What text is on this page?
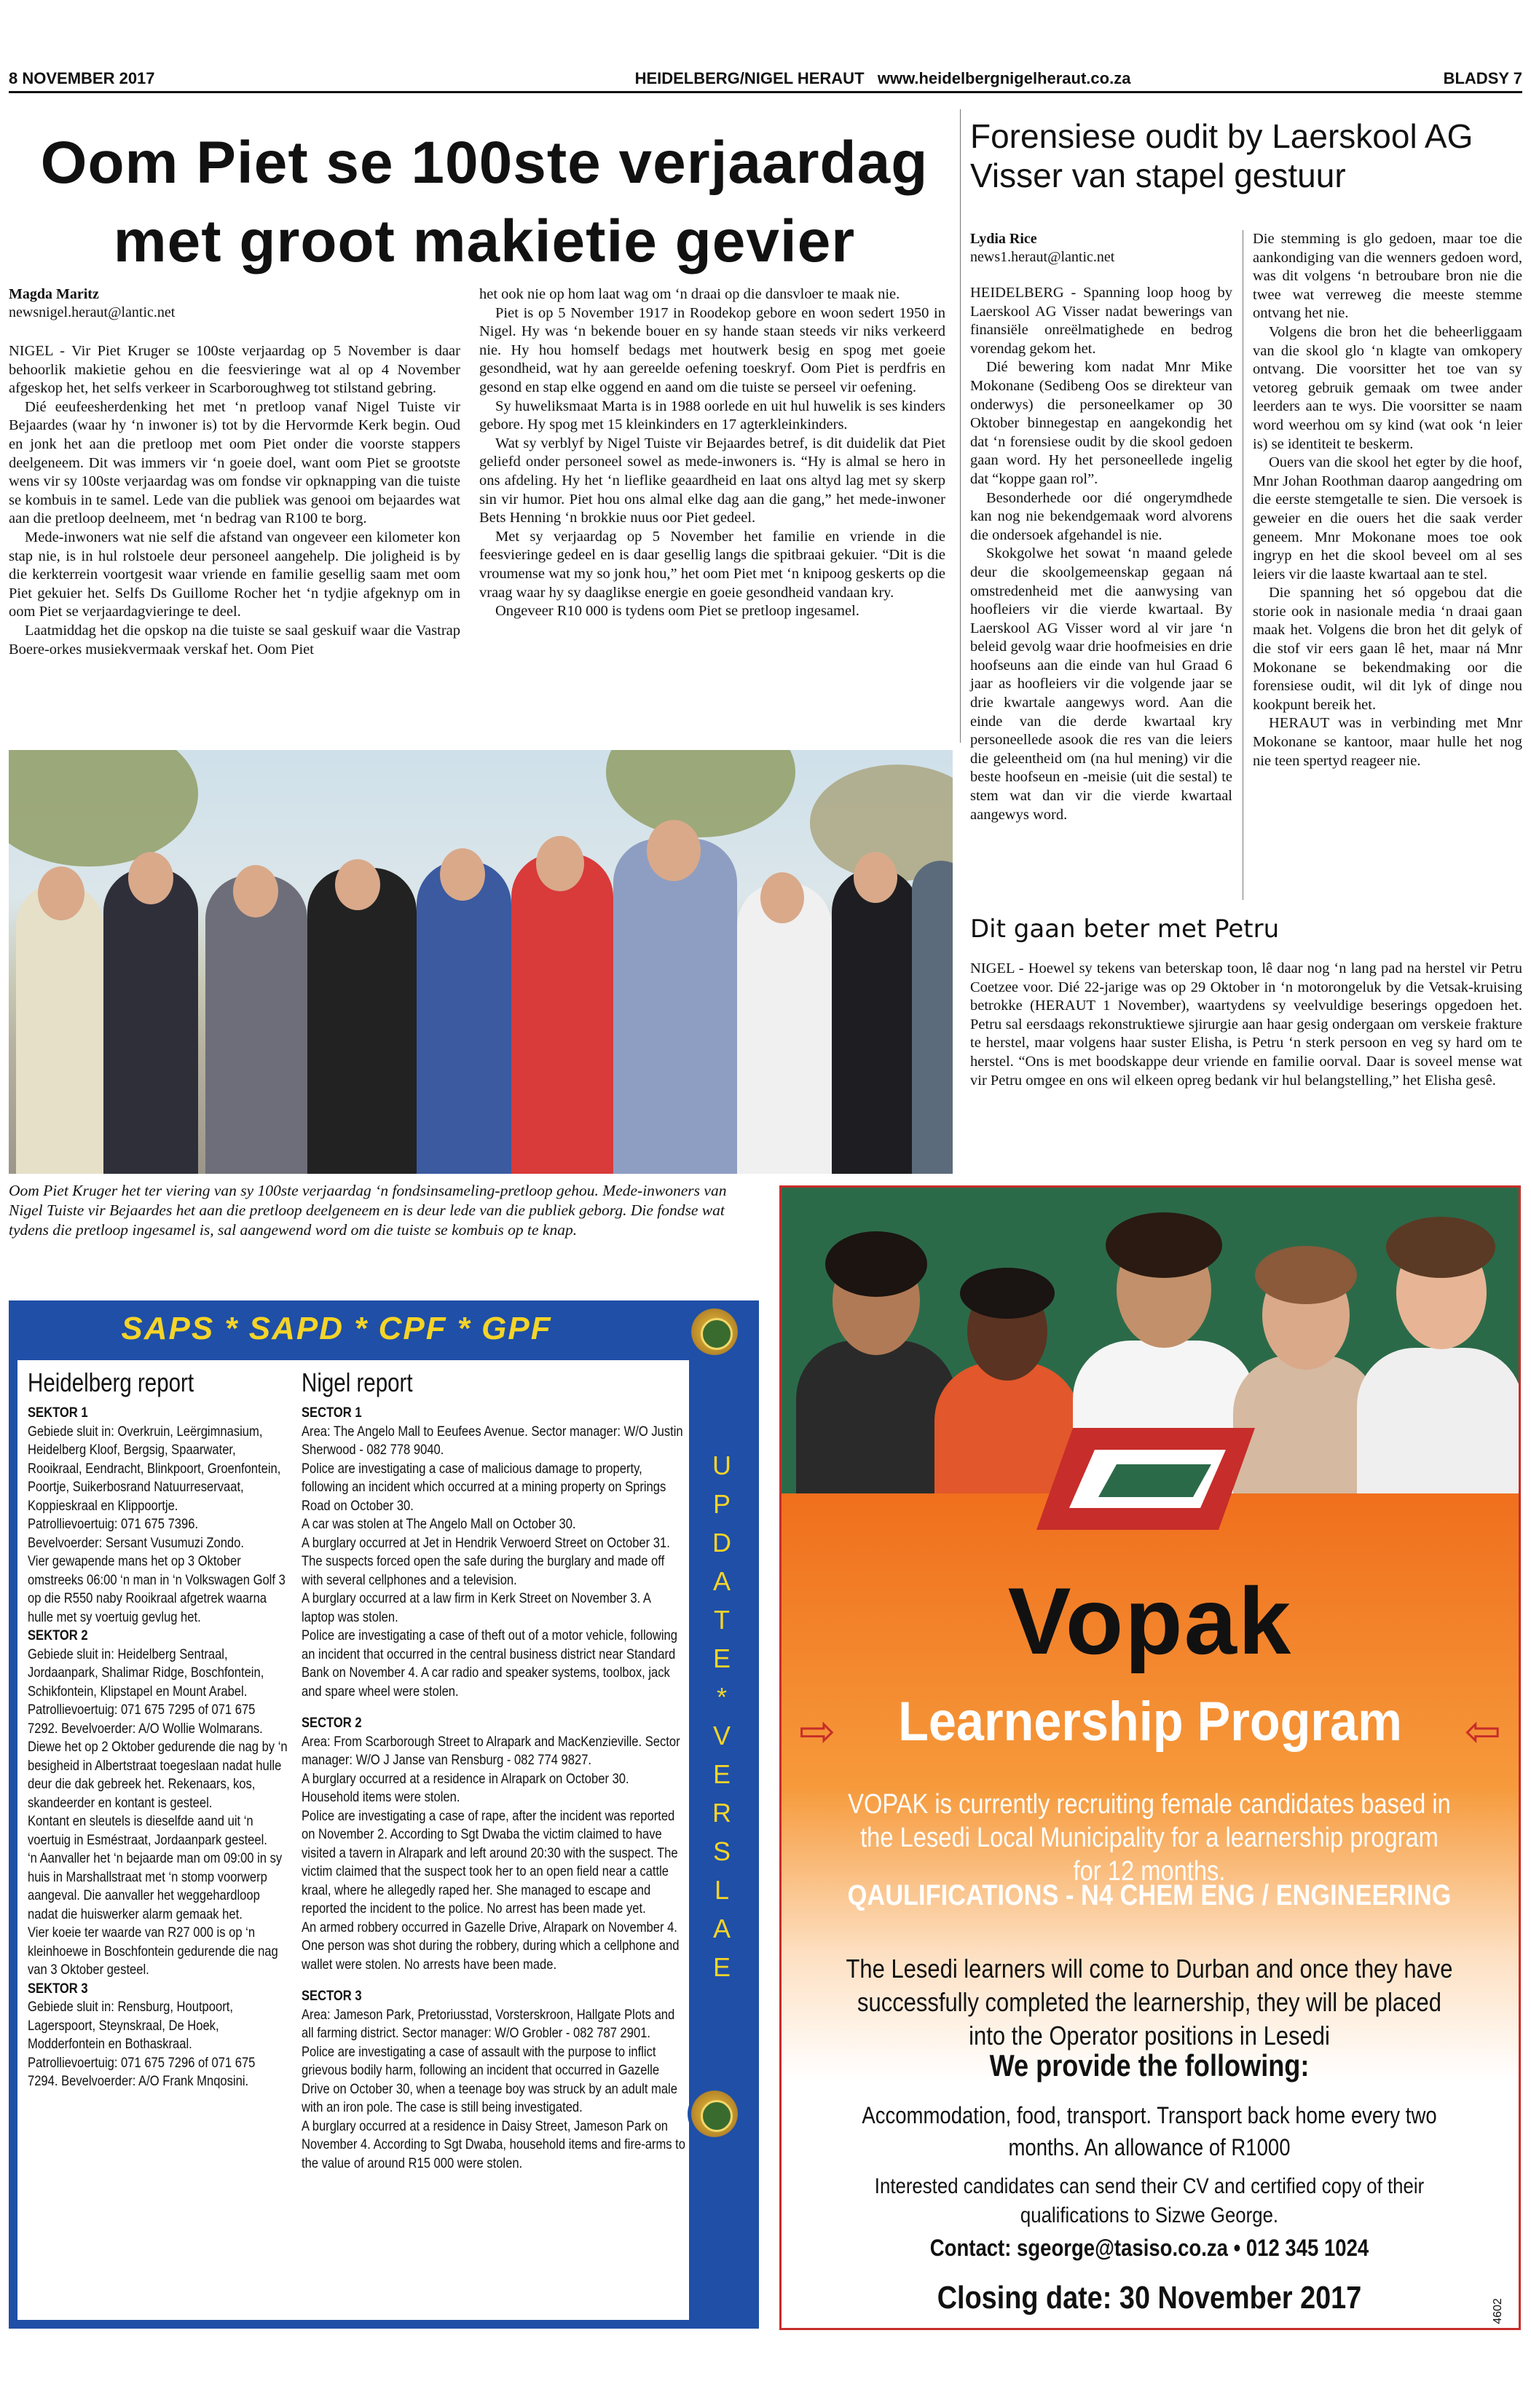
8 NOVEMBER 2017	HEIDELBERG/NIGEL HERAUT   www.heidelbergnigelheraut.co.za	BLADSY 7
Oom Piet se 100ste verjaardag
met groot makietie gevier
Magda Maritz
newsnigel.heraut@lantic.net

NIGEL - Vir Piet Kruger se 100ste verjaardag op 5 November is daar behoorlik makietie gehou en die feesvieringe wat al op 4 November afgeskop het, het selfs verkeer in Scarboroughweg tot stilstand gebring.

Dié eeufeesherdenking het met ‘n pretloop vanaf Nigel Tuiste vir Bejaardes (waar hy ‘n inwoner is) tot by die Hervormde Kerk begin. Oud en jonk het aan die pretloop met oom Piet onder die voorste stappers deelgeneem. Dit was immers vir ‘n goeie doel, want oom Piet se grootste wens vir sy 100ste verjaardag was om fondse vir opknapping van die tuiste se kombuis in te samel. Lede van die publiek was genooi om bejaardes wat aan die pretloop deelneem, met ‘n bedrag van R100 te borg.

Mede-inwoners wat nie self die afstand van ongeveer een kilometer kon stap nie, is in hul rolstoele deur personeel aangehelp. Die joligheid is by die kerkterrein voortgesit waar vriende en familie gesellig saam met oom Piet gekuier het. Selfs Ds Guillome Rocher het ‘n tydjie afgeknyp om in oom Piet se verjaardagvieringe te deel.

Laatmiddag het die opskop na die tuiste se saal geskuif waar die Vastrap Boere-orkes musiekvermaak verskaf het. Oom Piet

het ook nie op hom laat wag om ‘n draai op die dansvloer te maak nie.

Piet is op 5 November 1917 in Roodekop gebore en woon sedert 1950 in Nigel. Hy was ‘n bekende bouer en sy hande staan steeds vir niks verkeerd nie. Hy hou homself bedags met houtwerk besig en spog met goeie gesondheid, wat hy aan gereelde oefening toeskryf. Oom Piet is perdfris en gesond en stap elke oggend en aand om die tuiste se perseel vir oefening.

Sy huweliksmaat Marta is in 1988 oorlede en uit hul huwelik is ses kinders gebore. Hy spog met 15 kleinkinders en 17 agterkleinkinders.

Wat sy verblyf by Nigel Tuiste vir Bejaardes betref, is dit duidelik dat Piet geliefd onder personeel sowel as mede-inwoners is. “Hy is almal se hero in ons afdeling. Hy het ‘n lieflike geaardheid en laat ons altyd lag met sy skerp sin vir humor. Piet hou ons almal elke dag aan die gang,” het mede-inwoner Bets Henning ‘n brokkie nuus oor Piet gedeel.

Met sy verjaardag op 5 November het familie en vriende in die feesvieringe gedeel en is daar gesellig langs die spitbraai gekuier. “Dit is die vroumense wat my so jonk hou,” het oom Piet met ‘n knipoog geskerts op die vraag waar hy sy daaglikse energie en goeie gesondheid vandaan kry.

Ongeveer R10 000 is tydens oom Piet se pretloop ingesamel.

Oom Piet Kruger het ter viering van sy 100ste verjaardag ‘n fondsinsameling-pretloop gehou. Mede-inwoners van Nigel Tuiste vir Bejaardes het aan die pretloop deelgeneem en is deur lede van die publiek geborg. Die fondse wat tydens die pretloop ingesamel is, sal aangewend word om die tuiste se kombuis op te knap.
Forensiese oudit by Laerskool AG Visser van stapel gestuur
Lydia Rice
news1.heraut@lantic.net

HEIDELBERG - Spanning loop hoog by Laerskool AG Visser nadat bewerings van finansiële onreëlmatighede en bedrog vorendag gekom het.

Dié bewering kom nadat Mnr Mike Mokonane (Sedibeng Oos se direkteur van onderwys) die personeelkamer op 30 Oktober binnegestap en aangekondig het dat ‘n forensiese oudit by die skool gedoen gaan word. Hy het personeellede ingelig dat “koppe gaan rol”.

Besonderhede oor dié ongerymdhede kan nog nie bekendgemaak word alvorens die ondersoek afgehandel is nie.

Skokgolwe het sowat ‘n maand gelede deur die skoolgemeenskap gegaan ná omstredenheid met die aanwysing van hoofleiers vir die vierde kwartaal. By Laerskool AG Visser word al vir jare ‘n beleid gevolg waar drie hoofmeisies en drie hoofseuns aan die einde van hul Graad 6 jaar as hoofleiers vir die volgende jaar se drie kwartale aangewys word. Aan die einde van die derde kwartaal kry personeellede asook die res van die leiers die geleentheid om (na hul mening) vir die beste hoofseun en -meisie (uit die sestal) te stem wat dan vir die vierde kwartaal aangewys word.

Die stemming is glo gedoen, maar toe die aankondiging van die wenners gedoen word, was dit volgens ‘n betroubare bron nie die twee wat verreweg die meeste stemme ontvang het nie.

Volgens die bron het die beheerliggaam van die skool glo ‘n klagte van omkopery ontvang. Die voorsitter het toe van sy vetoreg gebruik gemaak om twee ander leerders aan te wys. Die voorsitter se naam word weerhou om sy kind (wat ook ‘n leier is) se identiteit te beskerm.

Ouers van die skool het egter by die hoof, Mnr Johan Roothman daarop aangedring om die eerste stemgetalle te sien. Die versoek is geweier en die ouers het die saak verder geneem. Mnr Mokonane moes toe ook ingryp en het die skool beveel om al ses leiers vir die laaste kwartaal aan te stel.

Die spanning het só opgebou dat die storie ook in nasionale media ‘n draai gaan maak het. Volgens die bron het dit gelyk of die stof vir eers gaan lê het, maar ná Mnr Mokonane se bekendmaking oor die forensiese oudit, wil dit lyk of dinge nou kookpunt bereik het.

HERAUT was in verbinding met Mnr Mokonane se kantoor, maar hulle het nog nie teen spertyd reageer nie.

Dit gaan beter met Petru

NIGEL - Hoewel sy tekens van beterskap toon, lê daar nog ‘n lang pad na herstel vir Petru Coetzee voor. Dié 22-jarige was op 29 Oktober in ‘n motorongeluk by die Vetsak-kruising betrokke (HERAUT 1 November), waartydens sy veelvuldige beserings opgedoen het. Petru sal eersdaags rekonstruktiewe sjirurgie aan haar gesig ondergaan om verskeie frakture te herstel, maar volgens haar suster Elisha, is Petru ‘n sterk persoon en veg sy hard om te herstel. “Ons is met boodskappe deur vriende en familie oorval. Daar is soveel mense wat vir Petru omgee en ons wil elkeen opreg bedank vir hul belangstelling,” het Elisha gesê.

SAPS * SAPD * CPF * GPF
Heidelberg report	Nigel report
SEKTOR 1
Gebiede sluit in: Overkruin, Leërgimnasium, Heidelberg Kloof, Bergsig, Spaarwater, Rooikraal, Eendracht, Blinkpoort, Groenfontein, Poortje, Suikerbosrand Natuurreservaat, Koppieskraal en Klippoortje.
Patrollievoertuig: 071 675 7396.
Bevelvoerder: Sersant Vusumuzi Zondo.
Vier gewapende mans het op 3 Oktober omstreeks 06:00 ‘n man in ‘n Volkswagen Golf 3 op die R550 naby Rooikraal afgetrek waarna hulle met sy voertuig gevlug het.
SEKTOR 2
Gebiede sluit in: Heidelberg Sentraal, Jordaanpark, Shalimar Ridge, Boschfontein, Schikfontein, Klipstapel en Mount Arabel.
Patrollievoertuig: 071 675 7295 of 071 675 7292. Bevelvoerder: A/O Wollie Wolmarans.
Diewe het op 2 Oktober gedurende die nag by ‘n besigheid in Albertstraat toegeslaan nadat hulle deur die dak gebreek het. Rekenaars, kos, skandeerder en kontant is gesteel.
Kontant en sleutels is dieselfde aand uit ‘n voertuig in Esméstraat, Jordaanpark gesteel.
‘n Aanvaller het ‘n bejaarde man om 09:00 in sy huis in Marshallstraat met ‘n stomp voorwerp aangeval. Die aanvaller het weggehardloop nadat die huiswerker alarm gemaak het.
Vier koeie ter waarde van R27 000 is op ‘n kleinhoewe in Boschfontein gedurende die nag van 3 Oktober gesteel.
SEKTOR 3
Gebiede sluit in: Rensburg, Houtpoort, Lagerspoort, Steynskraal, De Hoek, Modderfontein en Bothaskraal.
Patrollievoertuig: 071 675 7296 of 071 675 7294. Bevelvoerder: A/O Frank Mnqosini.
SECTOR 1
Area: The Angelo Mall to Eeufees Avenue. Sector manager: W/O Justin Sherwood - 082 778 9040.
Police are investigating a case of malicious damage to property, following an incident which occurred at a mining property on Springs Road on October 30.
A car was stolen at The Angelo Mall on October 30.
A burglary occurred at Jet in Hendrik Verwoerd Street on October 31. The suspects forced open the safe during the burglary and made off with several cellphones and a television.
A burglary occurred at a law firm in Kerk Street on November 3. A laptop was stolen.
Police are investigating a case of theft out of a motor vehicle, following an incident that occurred in the central business district near Standard Bank on November 4. A car radio and speaker systems, toolbox, jack and spare wheel were stolen.
SECTOR 2
Area: From Scarborough Street to Alrapark and MacKenzieville. Sector manager: W/O J Janse van Rensburg - 082 774 9827.
A burglary occurred at a residence in Alrapark on October 30. Household items were stolen.
Police are investigating a case of rape, after the incident was reported on November 2. According to Sgt Dwaba the victim claimed to have visited a tavern in Alrapark and left around 20:30 with the suspect. The victim claimed that the suspect took her to an open field near a cattle kraal, where he allegedly raped her. She managed to escape and reported the incident to the police. No arrest has been made yet.
An armed robbery occurred in Gazelle Drive, Alrapark on November 4. One person was shot during the robbery, during which a cellphone and wallet were stolen. No arrests have been made.
SECTOR 3
Area: Jameson Park, Pretoriusstad, Vorsterskroon, Hallgate Plots and all farming district. Sector manager: W/O Grobler - 082 787 2901.
Police are investigating a case of assault with the purpose to inflict grievous bodily harm, following an incident that occurred in Gazelle Drive on October 30, when a teenage boy was struck by an adult male with an iron pole. The case is still being investigated.
A burglary occurred at a residence in Daisy Street, Jameson Park on November 4. According to Sgt Dwaba, household items and fire-arms to the value of around R15 000 were stolen.
U
P
D
A
T
E
*
V
E
R
S
L
A
E
Vopak
⇨	⇦
Learnership Program
VOPAK is currently recruiting female candidates based in the Lesedi Local Municipality for a learnership program for 12 months.
QAULIFICATIONS - N4 CHEM ENG / ENGINEERING
The Lesedi learners will come to Durban and once they have successfully completed the learnership, they will be placed into the Operator positions in Lesedi
We provide the following:
Accommodation, food, transport. Transport back home every two months. An allowance of R1000
Interested candidates can send their CV and certified copy of their qualifications to Sizwe George.
Contact: sgeorge@tasiso.co.za • 012 345 1024
Closing date: 30 November 2017	4602
